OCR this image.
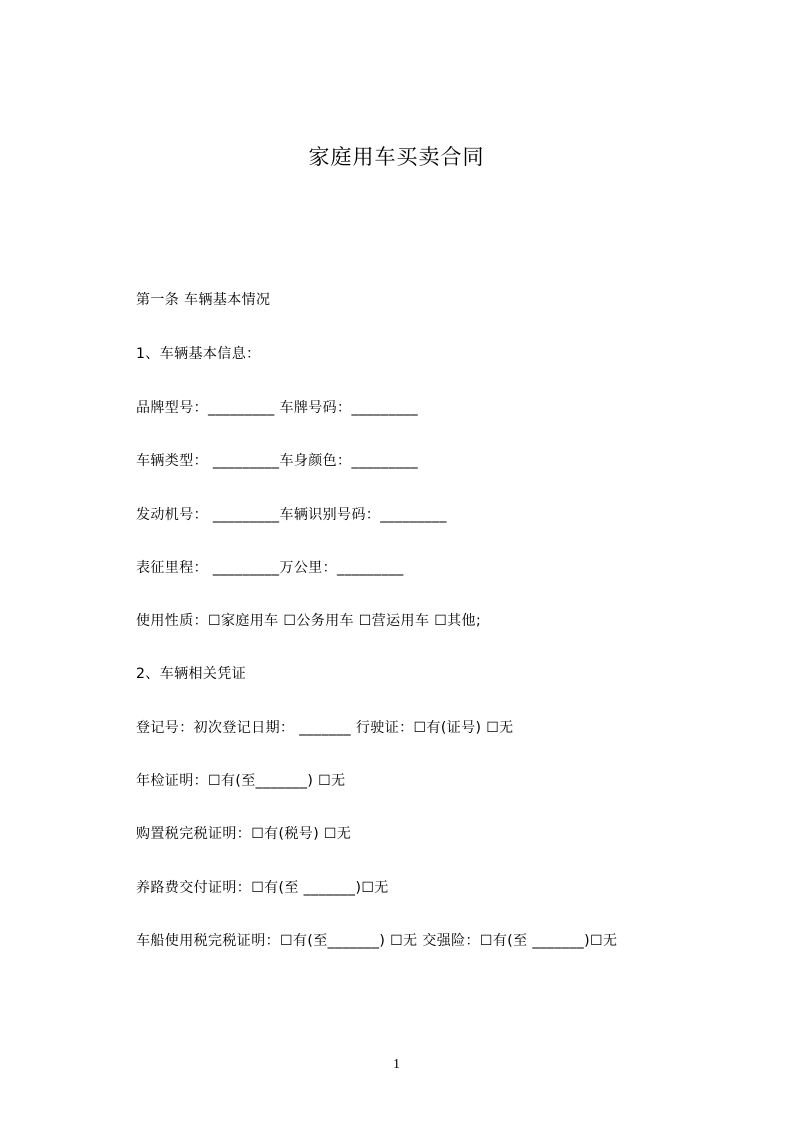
家庭用车买卖合同
第一条 车辆基本情况
1、车辆基本信息：
品牌型号：_________ 车牌号码：_________
车辆类型： _________车身颜色：_________
发动机号： _________车辆识别号码：_________
表征里程： _________万公里：_________
使用性质：☐家庭用车 ☐公务用车 ☐营运用车 ☐其他;
2、车辆相关凭证
登记号：初次登记日期： _______ 行驶证：☐有(证号) ☐无
年检证明：☐有(至_______) ☐无
购置税完税证明：☐有(税号) ☐无
养路费交付证明：☐有(至 _______)☐无
车船使用税完税证明：☐有(至_______) ☐无 交强险：☐有(至 _______)☐无
1
